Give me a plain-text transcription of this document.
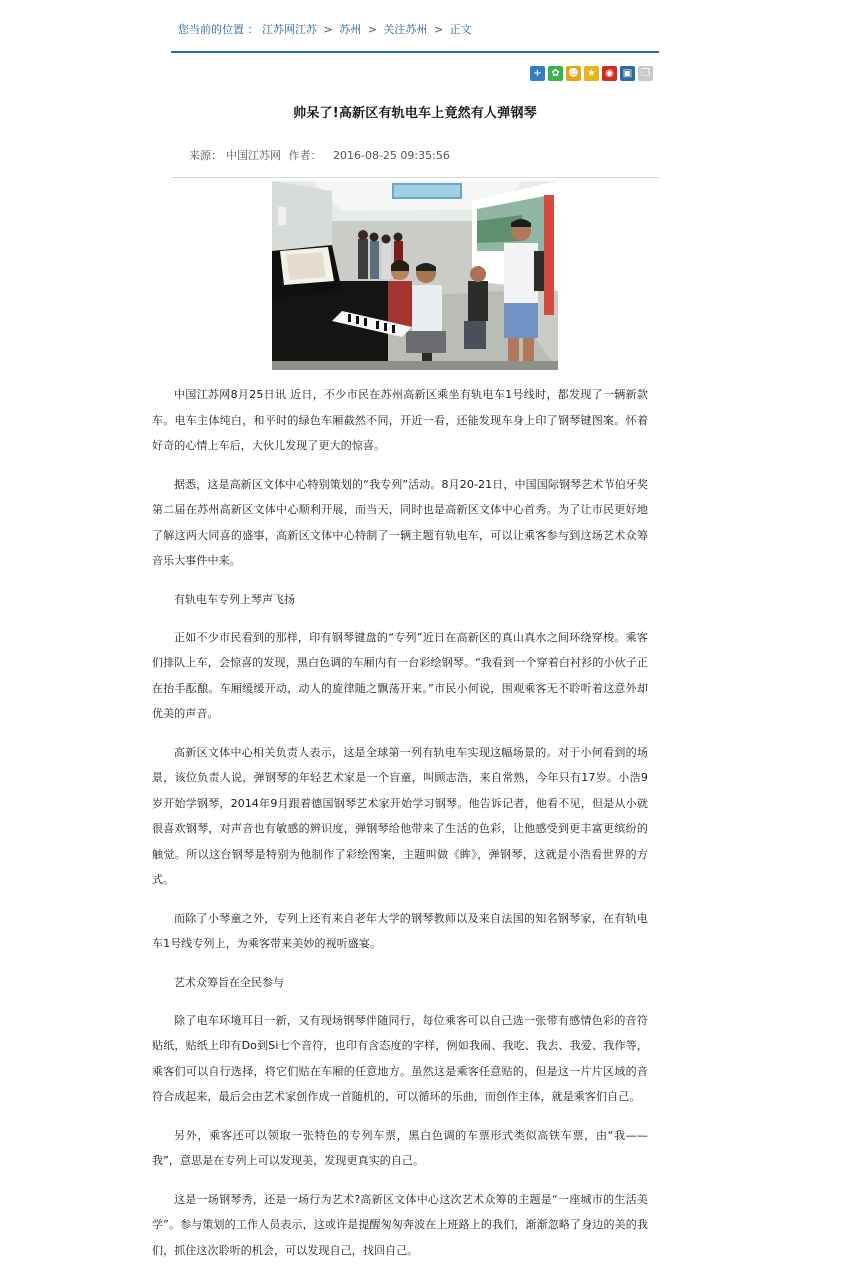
您当前的位置 ： 江苏网江苏 > 苏州 > 关注苏州 > 正文
+ ✿ ☻ ★ ◉ ▣ ❐
帅呆了!高新区有轨电车上竟然有人弹钢琴
来源： 中国江苏网 作者： 2016-08-25 09:35:56

中国江苏网8月25日讯 近日，不少市民在苏州高新区乘坐有轨电车1号线时，都发现了一辆新款车。电车主体纯白，和平时的绿色车厢截然不同，开近一看，还能发现车身上印了钢琴键图案。怀着好奇的心情上车后，大伙儿发现了更大的惊喜。

据悉，这是高新区文体中心特别策划的“我专列”活动。8月20-21日，中国国际钢琴艺术节伯牙奖第二届在苏州高新区文体中心顺利开展，而当天，同时也是高新区文体中心首秀。为了让市民更好地了解这两大同喜的盛事，高新区文体中心特制了一辆主题有轨电车，可以让乘客参与到这场艺术众筹音乐大事件中来。

有轨电车专列上琴声飞扬

正如不少市民看到的那样，印有钢琴键盘的“专列”近日在高新区的真山真水之间环绕穿梭。乘客们排队上车，会惊喜的发现，黑白色调的车厢内有一台彩绘钢琴。“我看到一个穿着白衬衫的小伙子正在抬手酝酿。车厢缓缓开动，动人的旋律随之飘荡开来。”市民小何说，围观乘客无不聆听着这意外却优美的声音。

高新区文体中心相关负责人表示，这是全球第一列有轨电车实现这幅场景的。对于小何看到的场景，该位负责人说，弹钢琴的年轻艺术家是一个盲童，叫顾志浩，来自常熟，今年只有17岁。小浩9岁开始学钢琴，2014年9月跟着德国钢琴艺术家开始学习钢琴。他告诉记者，他看不见，但是从小就很喜欢钢琴，对声音也有敏感的辨识度，弹钢琴给他带来了生活的色彩，让他感受到更丰富更缤纷的触觉。所以这台钢琴是特别为他制作了彩绘图案，主题叫做《眸》，弹钢琴，这就是小浩看世界的方式。

而除了小琴童之外，专列上还有来自老年大学的钢琴教师以及来自法国的知名钢琴家，在有轨电车1号线专列上，为乘客带来美妙的视听盛宴。

艺术众筹旨在全民参与

除了电车环境耳目一新，又有现场钢琴伴随同行，每位乘客可以自己选一张带有感情色彩的音符贴纸，贴纸上印有Do到Si七个音符，也印有含态度的字样，例如我闹、我吃、我去、我爱、我作等，乘客们可以自行选择，将它们贴在车厢的任意地方。虽然这是乘客任意贴的，但是这一片片区域的音符合成起来，最后会由艺术家创作成一首随机的，可以循环的乐曲，而创作主体，就是乘客们自己。

另外，乘客还可以领取一张特色的专列车票，黑白色调的车票形式类似高铁车票，由“我——我”，意思是在专列上可以发现美，发现更真实的自己。

这是一场钢琴秀，还是一场行为艺术?高新区文体中心这次艺术众筹的主题是“一座城市的生活美学”。参与策划的工作人员表示，这或许是提醒匆匆奔波在上班路上的我们，渐渐忽略了身边的美的我们，抓住这次聆听的机会，可以发现自己，找回自己。
